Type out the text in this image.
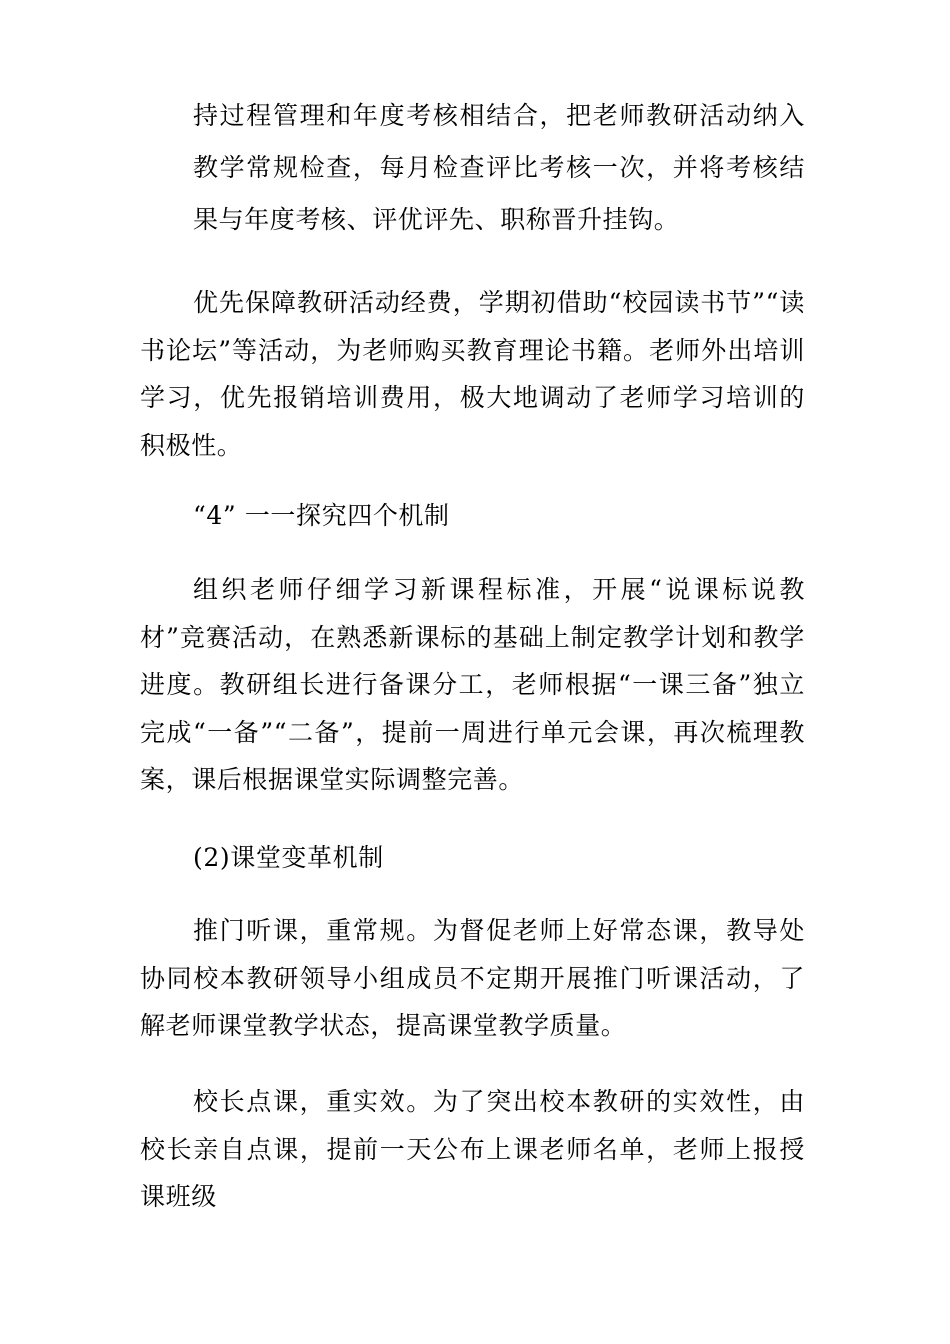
持过程管理和年度考核相结合，把老师教研活动纳入教学常规检查，每月检查评比考核一次，并将考核结果与年度考核、评优评先、职称晋升挂钩。

优先保障教研活动经费，学期初借助“校园读书节”“读书论坛”等活动，为老师购买教育理论书籍。老师外出培训学习，优先报销培训费用，极大地调动了老师学习培训的积极性。

“4” 一一探究四个机制

组织老师仔细学习新课程标准，开展“说课标说教材”竞赛活动，在熟悉新课标的基础上制定教学计划和教学进度。教研组长进行备课分工，老师根据“一课三备”独立完成“一备”“二备”，提前一周进行单元会课，再次梳理教案，课后根据课堂实际调整完善。

(2)课堂变革机制

推门听课，重常规。为督促老师上好常态课，教导处协同校本教研领导小组成员不定期开展推门听课活动，了解老师课堂教学状态，提高课堂教学质量。

校长点课，重实效。为了突出校本教研的实效性，由校长亲自点课，提前一天公布上课老师名单，老师上报授课班级
